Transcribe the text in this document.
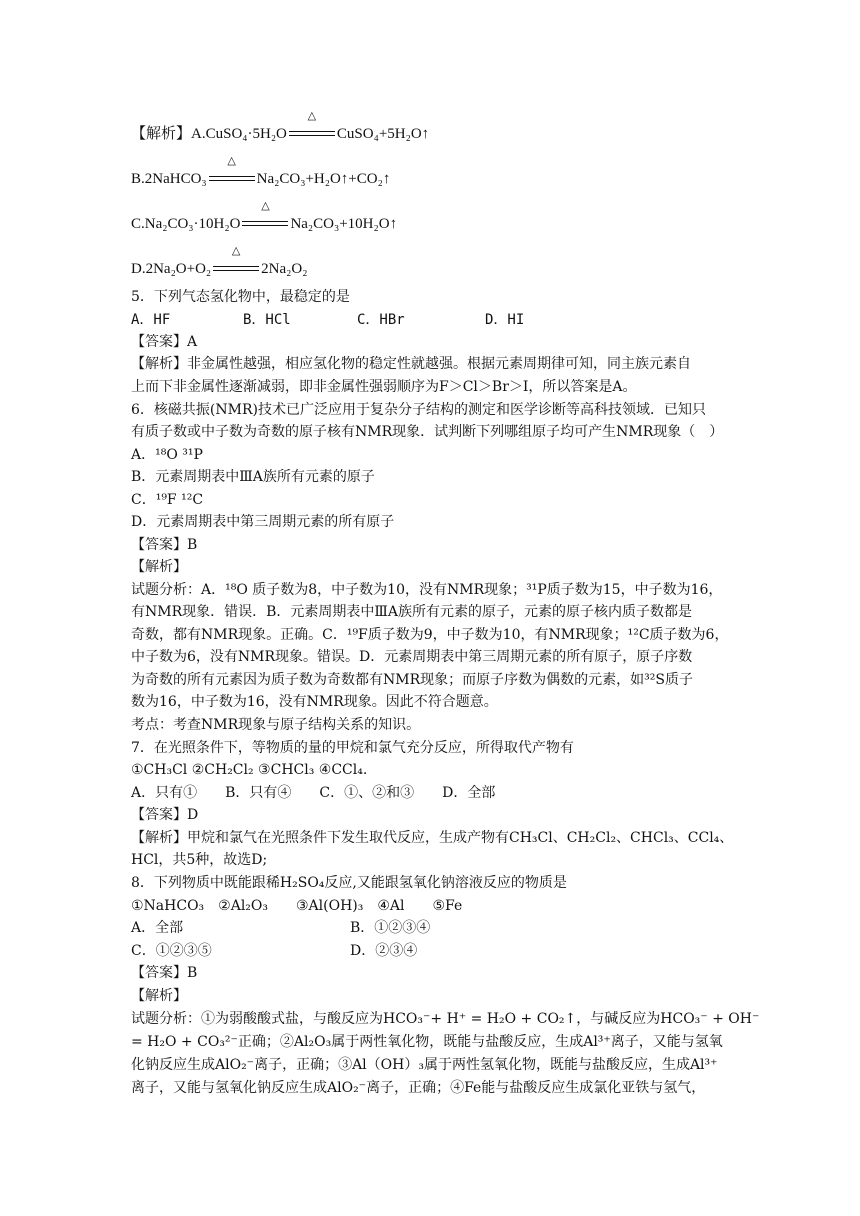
【解析】A.CuSO₄·5H₂O
△
CuSO₄+5H₂O↑
B.2NaHCO₃
△
Na₂CO₃+H₂O↑+CO₂↑
C.Na₂CO₃·10H₂O
△
Na₂CO₃+10H₂O↑
D.2Na₂O+O₂
△
2Na₂O₂
5．下列气态氢化物中，最稳定的是
A．HF	B．HCl	C．HBr	D．HI
【答案】A
【解析】非金属性越强，相应氢化物的稳定性就越强。根据元素周期律可知，同主族元素自
上而下非金属性逐渐减弱，即非金属性强弱顺序为F＞Cl＞Br＞I，所以答案是A。
6．核磁共振(NMR)技术已广泛应用于复杂分子结构的测定和医学诊断等高科技领域．已知只
有质子数或中子数为奇数的原子核有NMR现象．试判断下列哪组原子均可产生NMR现象（　）
A．¹⁸O ³¹P
B．元素周期表中ⅢA族所有元素的原子
C．¹⁹F ¹²C
D．元素周期表中第三周期元素的所有原子
【答案】B
【解析】
试题分析：A．¹⁸O 质子数为8，中子数为10，没有NMR现象；³¹P质子数为15，中子数为16，
有NMR现象．错误．B．元素周期表中ⅢA族所有元素的原子，元素的原子核内质子数都是
奇数，都有NMR现象。正确。C．¹⁹F质子数为9，中子数为10，有NMR现象；¹²C质子数为6，
中子数为6，没有NMR现象。错误。D．元素周期表中第三周期元素的所有原子，原子序数
为奇数的所有元素因为质子数为奇数都有NMR现象；而原子序数为偶数的元素，如³²S质子
数为16，中子数为16，没有NMR现象。因此不符合题意。
考点：考查NMR现象与原子结构关系的知识。
7．在光照条件下，等物质的量的甲烷和氯气充分反应，所得取代产物有
①CH₃Cl ②CH₂Cl₂ ③CHCl₃ ④CCl₄.
A．只有①　　B．只有④　　C．①、②和③　　D．全部
【答案】D
【解析】甲烷和氯气在光照条件下发生取代反应，生成产物有CH₃Cl、CH₂Cl₂、CHCl₃、CCl₄、
HCl，共5种，故选D;
8．下列物质中既能跟稀H₂SO₄反应,又能跟氢氧化钠溶液反应的物质是
①NaHCO₃　②Al₂O₃　　③Al(OH)₃　④Al　　⑤Fe
A．全部	B．①②③④
C．①②③⑤	D．②③④
【答案】B
【解析】
试题分析：①为弱酸酸式盐，与酸反应为HCO₃⁻+ H⁺ = H₂O + CO₂↑，与碱反应为HCO₃⁻ + OH⁻
= H₂O + CO₃²⁻正确；②Al₂O₃属于两性氧化物，既能与盐酸反应，生成Al³⁺离子，又能与氢氧
化钠反应生成AlO₂⁻离子，正确；③Al（OH）₃属于两性氢氧化物，既能与盐酸反应，生成Al³⁺
离子，又能与氢氧化钠反应生成AlO₂⁻离子，正确；④Fe能与盐酸反应生成氯化亚铁与氢气，
